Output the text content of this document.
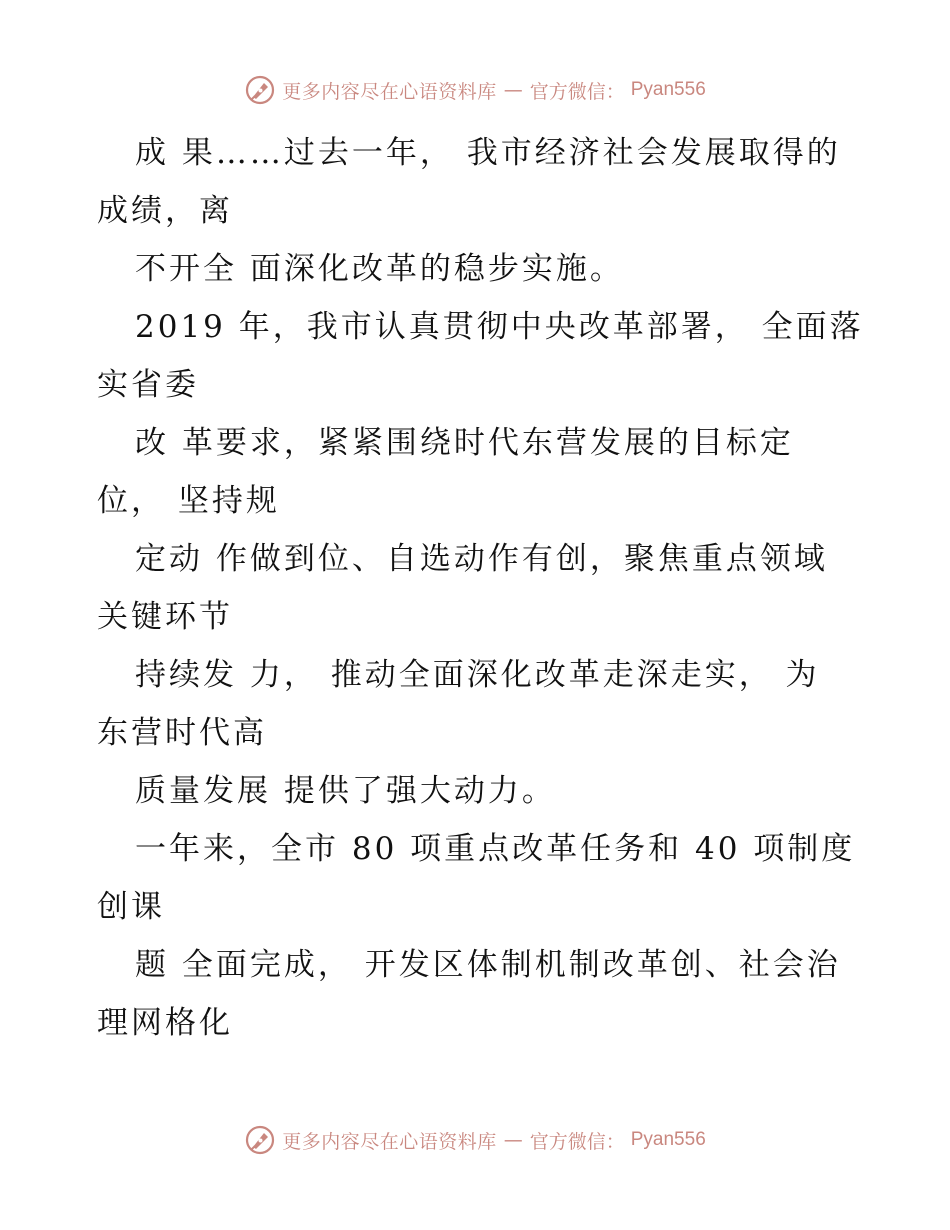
更多内容尽在心语资料库 — 官方微信： Pyan556
成 果……过去一年， 我市经济社会发展取得的
成绩，离
不开全 面深化改革的稳步实施。
2019 年，我市认真贯彻中央改革部署， 全面落
实省委
改 革要求，紧紧围绕时代东营发展的目标定
位， 坚持规
定动 作做到位、自选动作有创，聚焦重点领域
关键环节
持续发 力， 推动全面深化改革走深走实， 为
东营时代高
质量发展 提供了强大动力。
一年来，全市 80 项重点改革任务和 40 项制度
创课
题 全面完成， 开发区体制机制改革创、社会治
理网格化
更多内容尽在心语资料库 — 官方微信： Pyan556
